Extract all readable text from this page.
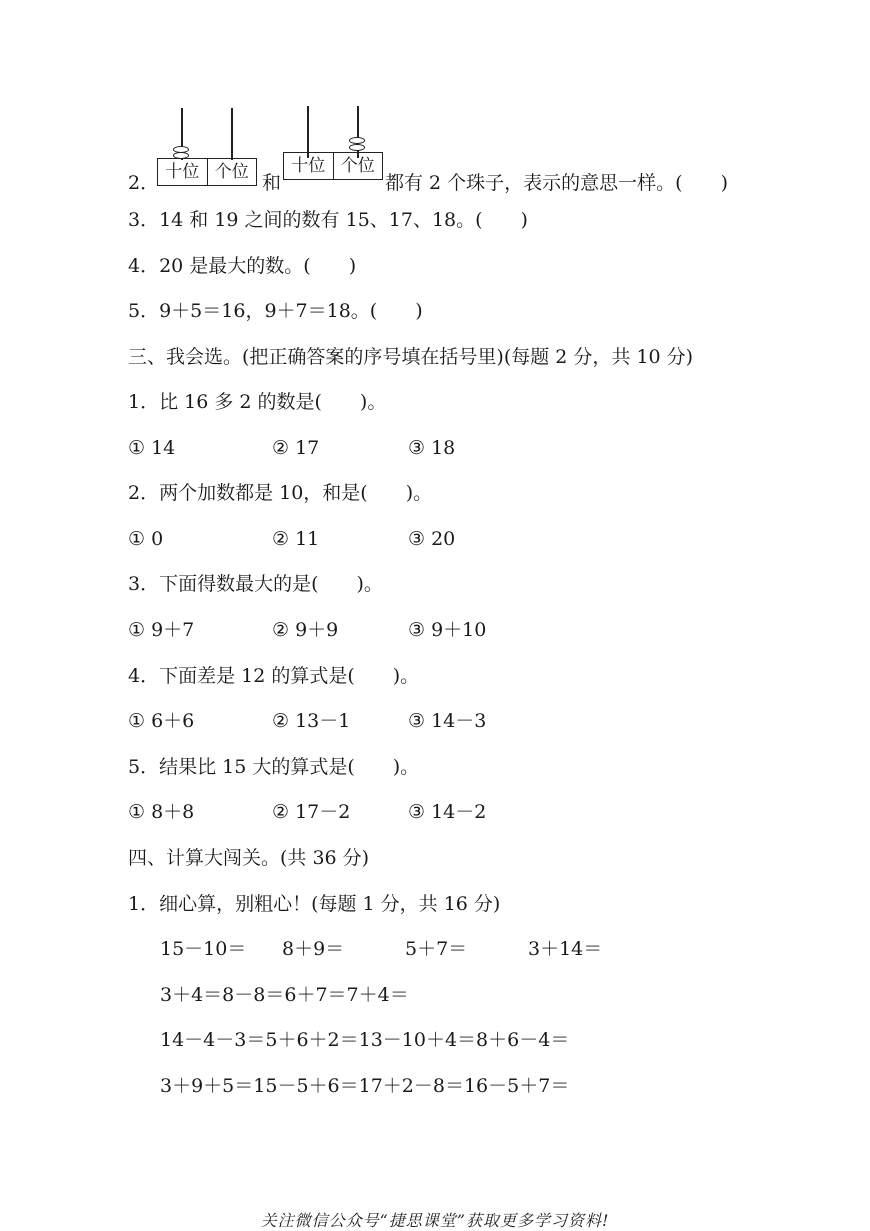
2． 十位 个位 和
十位 个位
都有 2 个珠子，表示的意思一样。(　　)
3．14 和 19 之间的数有 15、17、18。(　　)
4．20 是最大的数。(　　)
5．9＋5＝16，9＋7＝18。(　　)
三、我会选。(把正确答案的序号填在括号里)(每题 2 分，共 10 分)
1．比 16 多 2 的数是(　　)。
① 14	② 17	③ 18
2．两个加数都是 10，和是(　　)。
① 0	② 11	③ 20
3．下面得数最大的是(　　)。
① 9＋7	② 9＋9	③ 9＋10
4．下面差是 12 的算式是(　　)。
① 6＋6	② 13－1	③ 14－3
5．结果比 15 大的算式是(　　)。
① 8＋8	② 17－2	③ 14－2
四、计算大闯关。(共 36 分)
1．细心算，别粗心！(每题 1 分，共 16 分)
15－10＝ 8＋9＝	5＋7＝	3＋14＝
3＋4＝8－8＝6＋7＝7＋4＝
14－4－3＝5＋6＋2＝13－10＋4＝8＋6－4＝
3＋9＋5＝15－5＋6＝17＋2－8＝16－5＋7＝
关注微信公众号“捷思课堂”获取更多学习资料!
